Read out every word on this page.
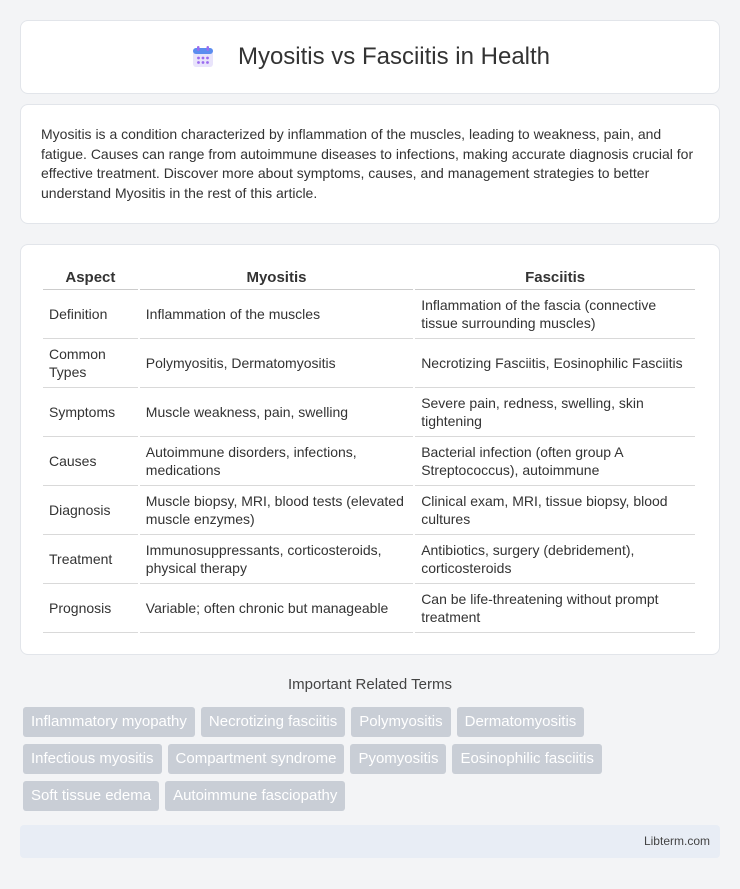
Myositis vs Fasciitis in Health

Myositis is a condition characterized by inflammation of the muscles, leading to weakness, pain, and fatigue. Causes can range from autoimmune diseases to infections, making accurate diagnosis crucial for effective treatment. Discover more about symptoms, causes, and management strategies to better understand Myositis in the rest of this article.

Aspect	Myositis	Fasciitis
Definition	Inflammation of the muscles	Inflammation of the fascia (connective tissue surrounding muscles)
Common Types	Polymyositis, Dermatomyositis	Necrotizing Fasciitis, Eosinophilic Fasciitis
Symptoms	Muscle weakness, pain, swelling	Severe pain, redness, swelling, skin tightening
Causes	Autoimmune disorders, infections, medications	Bacterial infection (often group A Streptococcus), autoimmune
Diagnosis	Muscle biopsy, MRI, blood tests (elevated muscle enzymes)	Clinical exam, MRI, tissue biopsy, blood cultures
Treatment	Immunosuppressants, corticosteroids, physical therapy	Antibiotics, surgery (debridement), corticosteroids
Prognosis	Variable; often chronic but manageable	Can be life-threatening without prompt treatment
Important Related Terms
Inflammatory myopathy	Necrotizing fasciitis	Polymyositis	Dermatomyositis
Infectious myositis	Compartment syndrome	Pyomyositis	Eosinophilic fasciitis
Soft tissue edema	Autoimmune fasciopathy
Libterm.com
